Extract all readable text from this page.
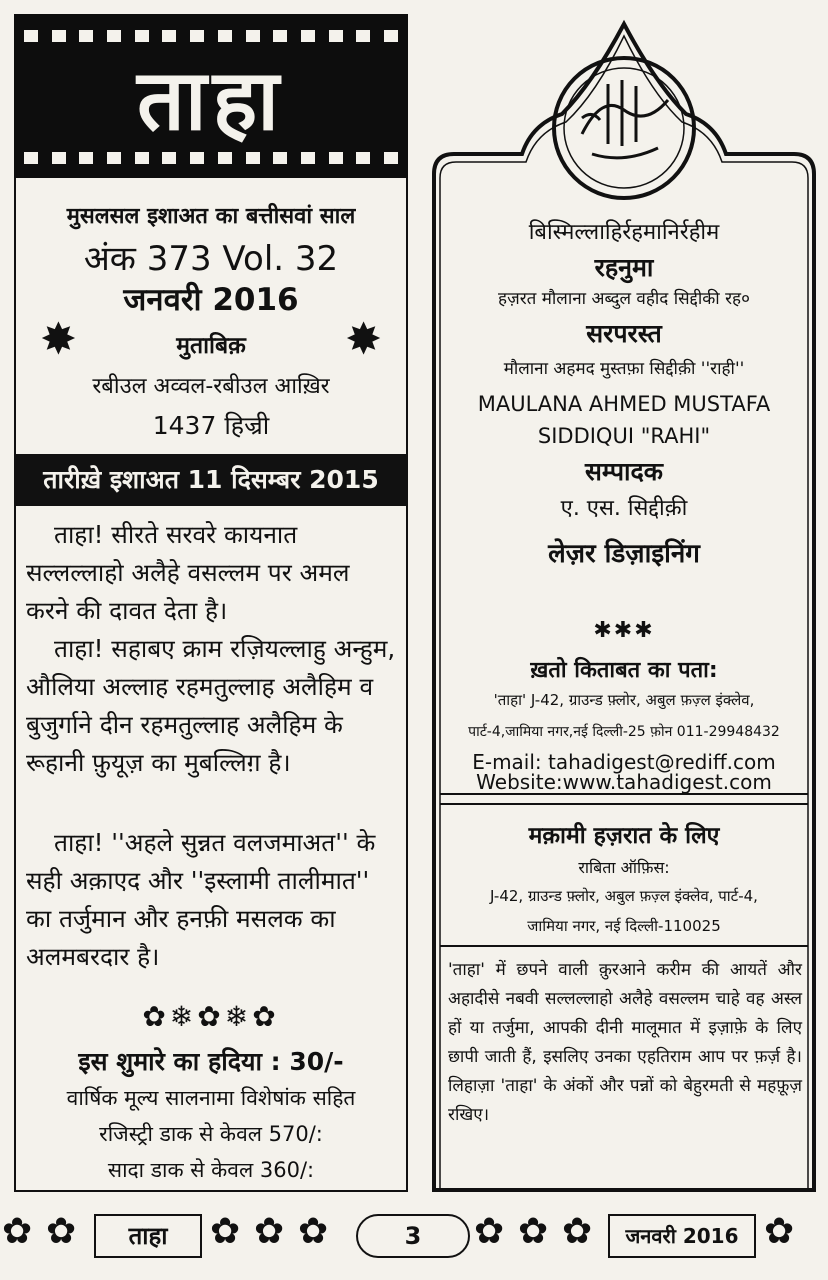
ताहा
मुसलसल इशाअत का बत्तीसवां साल
अंक 373 Vol. 32
जनवरी 2016
✸	✸
मुताबिक़
रबीउल अव्वल-रबीउल आख़िर
1437 हिज्री
तारीख़े इशाअत 11 दिसम्बर 2015
ताहा! सीरते सरवरे कायनात सल्लल्लाहो अलैहे वसल्लम पर अमल करने की दावत देता है।
ताहा! सहाबए क्राम रज़ियल्लाहु अन्हुम, औलिया अल्लाह रहमतुल्लाह अलैहिम व बुजुर्गाने दीन रहमतुल्लाह अलैहिम के रूहानी फ़ुयूज़ का मुबल्लिग़ है।
ताहा! ''अहले सुन्नत वलजमाअत'' के सही अक़ाएद और ''इस्लामी तालीमात'' का तर्जुमान और हनफ़ी मसलक का अलमबरदार है।
✿❄✿❄✿
इस शुमारे का हदिया : 30/-
वार्षिक मूल्य सालनामा विशेषांक सहित
रजिस्ट्री डाक से केवल 570/:
सादा डाक से केवल 360/:
बिस्मिल्लाहिर्रहमानिर्रहीम
रहनुमा
हज़रत मौलाना अब्दुल वहीद सिद्दीकी रह०
सरपरस्त
मौलाना अहमद मुस्तफ़ा सिद्दीक़ी ''राही''
MAULANA AHMED MUSTAFA
SIDDIQUI "RAHI"
सम्पादक
ए. एस. सिद्दीक़ी
लेज़र डिज़ाइनिंग
✱✱✱
ख़तो किताबत का पता:
'ताहा' J-42, ग्राउन्ड फ़्लोर, अबुल फ़ज़्ल इंक्लेव,
पार्ट-4,जामिया नगर,नई दिल्ली-25 फ़ोन 011-29948432
E-mail: tahadigest@rediff.com
Website:www.tahadigest.com
मक़ामी हज़रात के लिए
राबिता ऑफ़िस:
J-42, ग्राउन्ड फ़्लोर, अबुल फ़ज़्ल इंक्लेव, पार्ट-4,
जामिया नगर, नई दिल्ली-110025
'ताहा' में छपने वाली क़ुरआने करीम की आयतें और अहादीसे नबवी सल्लल्लाहो अलैहे वसल्लम चाहे वह अस्ल हों या तर्जुमा, आपकी दीनी मालूमात में इज़ाफ़े के लिए छापी जाती हैं, इसलिए उनका एहतिराम आप पर फ़र्ज़ है। लिहाज़ा 'ताहा' के अंकों और पन्नों को बेहुरमती से महफ़ूज़ रखिए।
✿ ✿	ताहा	✿ ✿ ✿	3	✿ ✿ ✿	जनवरी 2016 ✿
